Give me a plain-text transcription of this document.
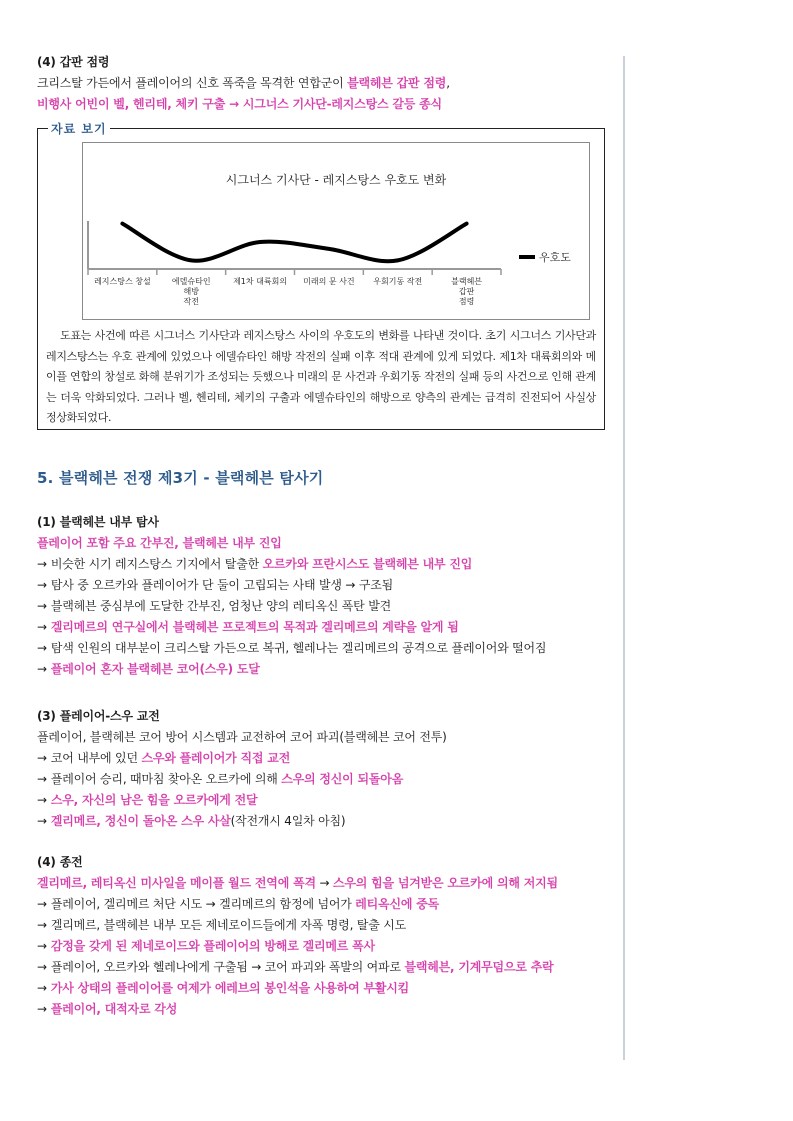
(4) 갑판 점령
크리스탈 가든에서 플레이어의 신호 폭죽을 목격한 연합군이 블랙헤븐 갑판 점령,
비행사 어빈이 벨, 헨리테, 체키 구출 → 시그너스 기사단-레지스탕스 갈등 종식
자료 보기
시그너스 기사단 - 레지스탕스 우호도 변화
레지스탕스 창설	에델슈타인
해방
작전
제1차 대륙회의	미래의 문 사건	우회기동 작전	블랙헤븐
갑판
점령
우호도
도표는 사건에 따른 시그너스 기사단과 레지스탕스 사이의 우호도의 변화를 나타낸 것이다. 초기 시그너스 기사단과 레지스탕스는 우호 관계에 있었으나 에델슈타인 해방 작전의 실패 이후 적대 관계에 있게 되었다. 제1차 대륙회의와 메이플 연합의 창설로 화해 분위기가 조성되는 듯했으나 미래의 문 사건과 우회기동 작전의 실패 등의 사건으로 인해 관계는 더욱 악화되었다. 그러나 벨, 헨리테, 체키의 구출과 에델슈타인의 해방으로 양측의 관계는 급격히 진전되어 사실상 정상화되었다.
5. 블랙헤븐 전쟁 제3기 - 블랙헤븐 탐사기
(1) 블랙헤븐 내부 탐사
플레이어 포함 주요 간부진, 블랙헤븐 내부 진입
→ 비슷한 시기 레지스탕스 기지에서 탈출한 오르카와 프란시스도 블랙헤븐 내부 진입
→ 탐사 중 오르카와 플레이어가 단 둘이 고립되는 사태 발생 → 구조됨
→ 블랙헤븐 중심부에 도달한 간부진, 엄청난 양의 레티옥신 폭탄 발견
→ 겔리메르의 연구실에서 블랙헤븐 프로젝트의 목적과 겔리메르의 계략을 알게 됨
→ 탐색 인원의 대부분이 크리스탈 가든으로 복귀, 헬레나는 겔리메르의 공격으로 플레이어와 떨어짐
→ 플레이어 혼자 블랙헤븐 코어(스우) 도달
(3) 플레이어-스우 교전
플레이어, 블랙헤븐 코어 방어 시스템과 교전하여 코어 파괴(블랙헤븐 코어 전투)
→ 코어 내부에 있던 스우와 플레이어가 직접 교전
→ 플레이어 승리, 때마침 찾아온 오르카에 의해 스우의 정신이 되돌아옴
→ 스우, 자신의 남은 힘을 오르카에게 전달
→ 겔리메르, 정신이 돌아온 스우 사살(작전개시 4일차 아침)
(4) 종전
겔리메르, 레티옥신 미사일을 메이플 월드 전역에 폭격 → 스우의 힘을 넘겨받은 오르카에 의해 저지됨
→ 플레이어, 겔리메르 처단 시도 → 겔리메르의 함정에 넘어가 레티옥신에 중독
→ 겔리메르, 블랙헤븐 내부 모든 제네로이드들에게 자폭 명령, 탈출 시도
→ 감정을 갖게 된 제네로이드와 플레이어의 방해로 겔리메르 폭사
→ 플레이어, 오르카와 헬레나에게 구출됨 → 코어 파괴와 폭발의 여파로 블랙헤븐, 기계무덤으로 추락
→ 가사 상태의 플레이어를 여제가 에레브의 봉인석을 사용하여 부활시킴
→ 플레이어, 대적자로 각성
